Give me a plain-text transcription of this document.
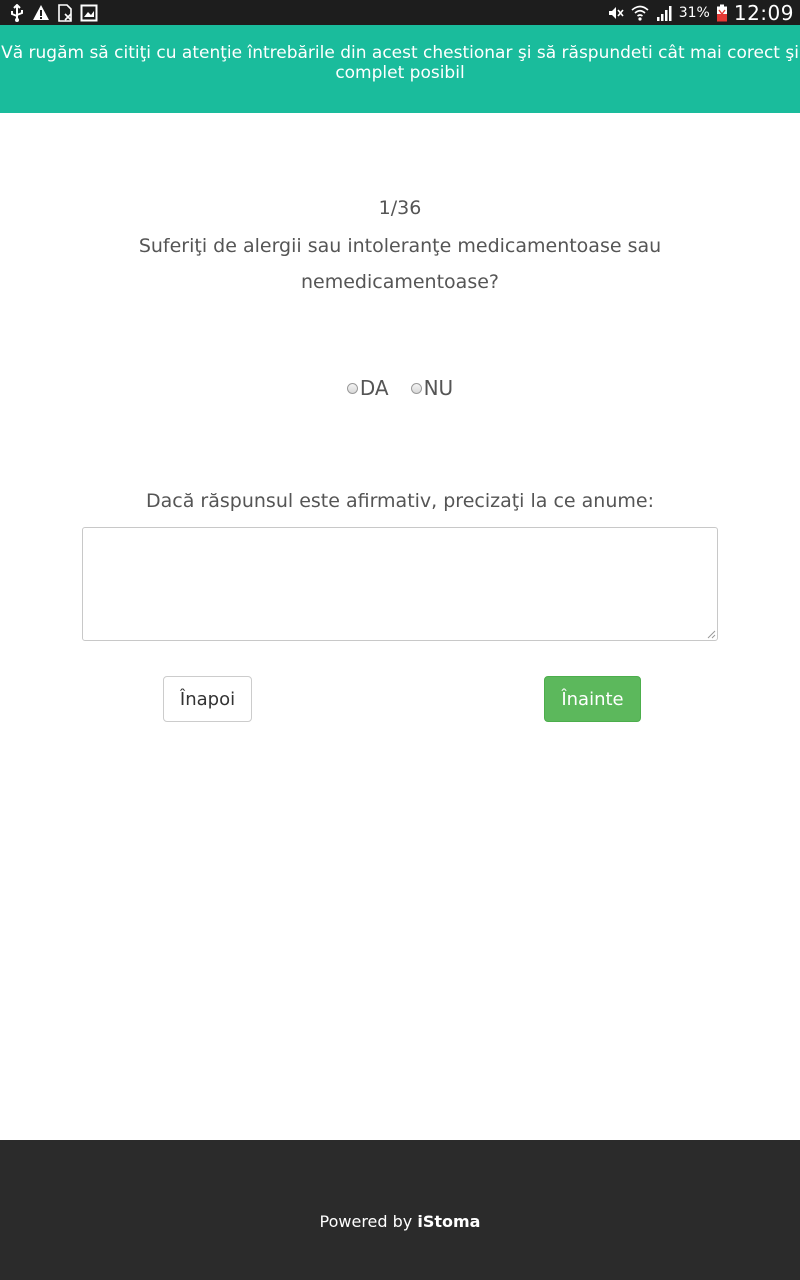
31% 12:09
Vă rugăm să citiţi cu atenţie întrebările din acest chestionar şi să răspundeti cât mai corect şi complet posibil
1/36
Suferiţi de alergii sau intoleranţe medicamentoase sau nemedicamentoase?
DA NU
Dacă răspunsul este afirmativ, precizaţi la ce anume:
Înapoi	Înainte
Powered by iStoma
